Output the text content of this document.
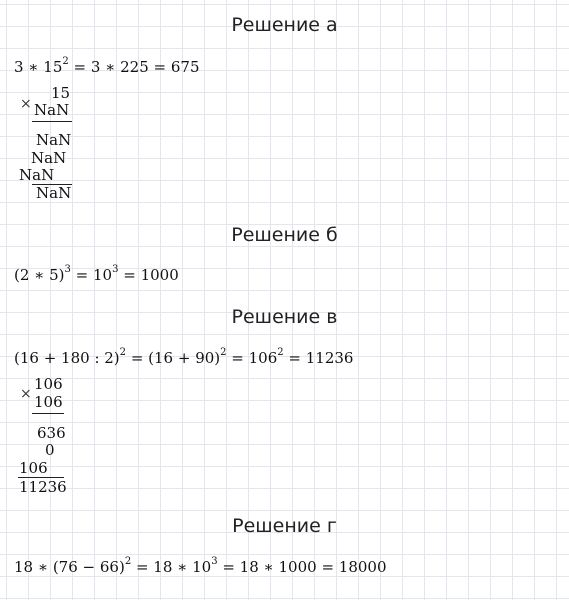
Решение а
3 ∗ $15^2 = 3$ ∗ 225 = 675
×
15
NaN
NaN
NaN
NaN
NaN
Решение б
(2 ∗ $5)^3 = 10^3 = 1000$
Решение в
(16 + 180 : $2)^2 = (16 + 90)^2 = 106^2 = 11236$
×
106
106
636
0
106
11236
Решение г
18 ∗ $(76 - 66)^2 = 18$ ∗ $10^3 = 18$ ∗ 1000 = 18000
